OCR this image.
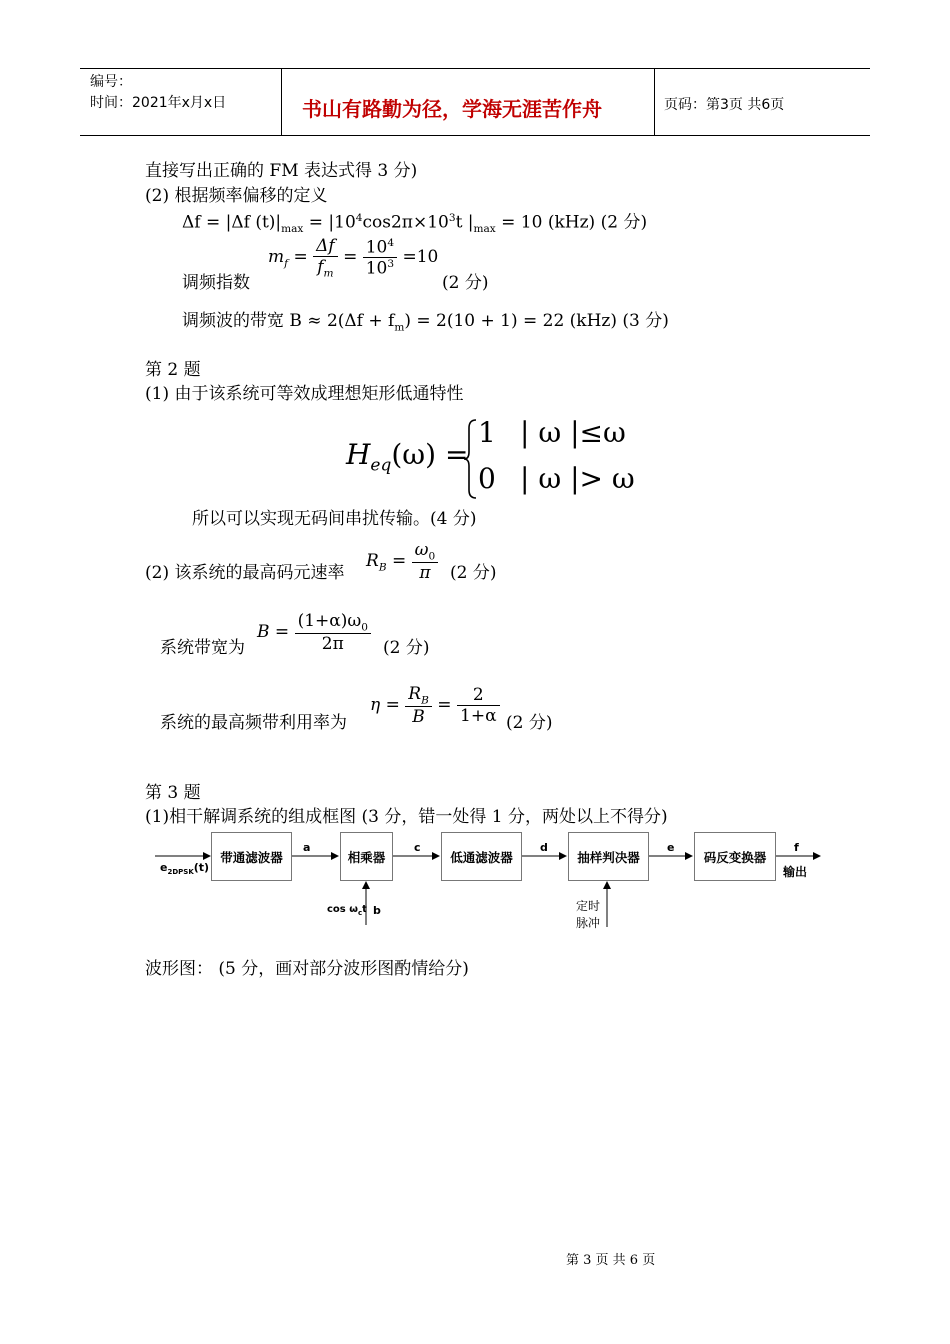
编号：
时间：2021年x月x日	书山有路勤为径，学海无涯苦作舟	页码：第3页 共6页
直接写出正确的 FM 表达式得 3 分)
(2) 根据频率偏移的定义
Δf = |Δf $(t)|_{max} = |10^4\cos 2\pi\times 10^3t$ $|_{max} = 10$ (kHz) (2 分)
调频指数
$m_f = \frac{\Delta f}{f_m} = \frac{10^4}{10^3} =10$
(2 分)
调频波的带宽 $B \approx 2(\Delta f + f_m) = 2(10 + 1) = 22$ (kHz) (3 分)
第 2 题
(1) 由于该系统可等效成理想矩形低通特性
$H_{eq}(\omega)$ =
1 | ω |≤ω
0 | ω |> ω
所以可以实现无码间串扰传输。(4 分)
(2) 该系统的最高码元速率
$R_B = \frac{\omega_0}{\pi} (2$ 分)
系统带宽为
$B = \frac{(1+\alpha)\omega_0}{2\pi} (2$ 分)
系统的最高频带利用率为
$\eta = \frac{R_B}{B} = \frac{2}{1+\alpha} (2$ 分)
第 3 题
(1)相干解调系统的组成框图 (3 分，错一处得 1 分，两处以上不得分)
带通滤波器	相乘器	低通滤波器	抽样判决器	码反变换器
$e_{2DPSK}(t)$
a	c	d	e	f
输出
$\cos \omega_ct$ b	定时
脉冲
波形图： (5 分，画对部分波形图酌情给分)
第 3 页 共 6 页
